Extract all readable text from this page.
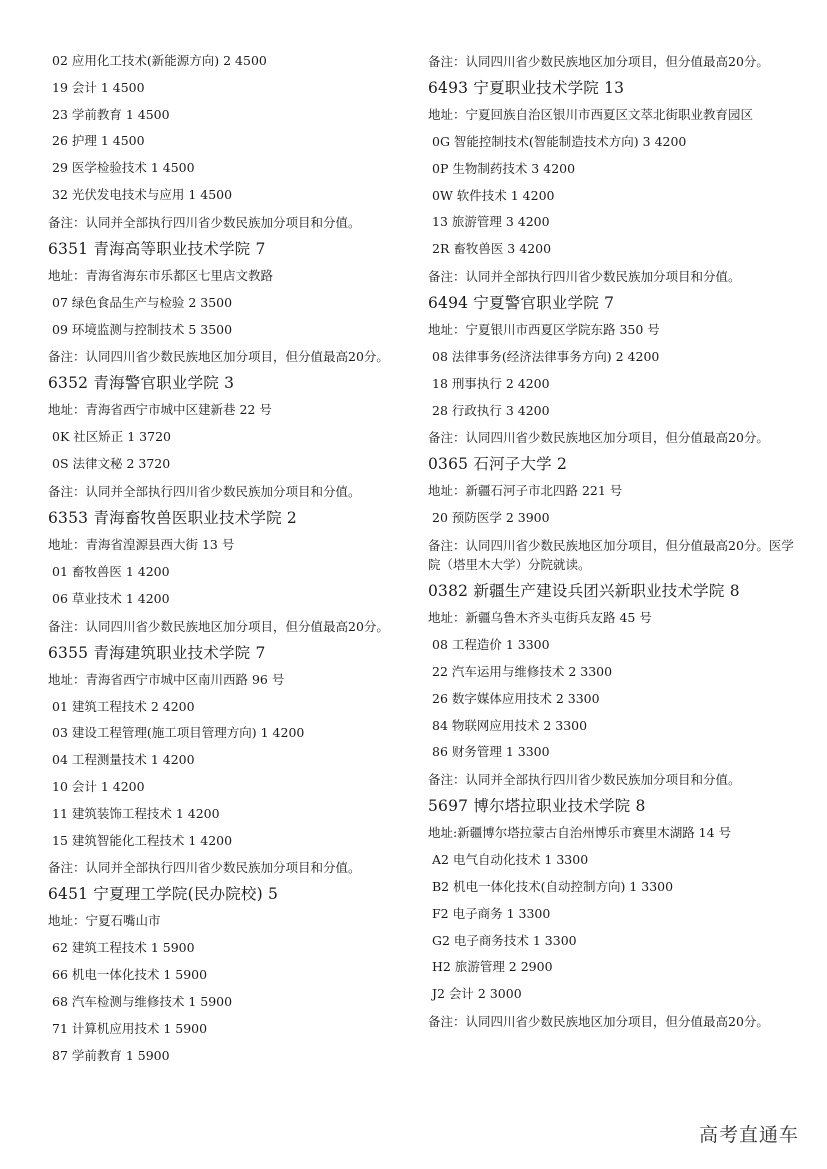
02 应用化工技术(新能源方向) 2 4500
19 会计 1 4500
23 学前教育 1 4500
26 护理 1 4500
29 医学检验技术 1 4500
32 光伏发电技术与应用 1 4500
备注：认同并全部执行四川省少数民族加分项目和分值。
6351 青海高等职业技术学院 7
地址：青海省海东市乐都区七里店文教路
07 绿色食品生产与检验 2 3500
09 环境监测与控制技术 5 3500
备注：认同四川省少数民族地区加分项目，但分值最高20分。
6352 青海警官职业学院 3
地址：青海省西宁市城中区建新巷 22 号
0K 社区矫正 1 3720
0S 法律文秘 2 3720
备注：认同并全部执行四川省少数民族加分项目和分值。
6353 青海畜牧兽医职业技术学院 2
地址：青海省湟源县西大街 13 号
01 畜牧兽医 1 4200
06 草业技术 1 4200
备注：认同四川省少数民族地区加分项目，但分值最高20分。
6355 青海建筑职业技术学院 7
地址：青海省西宁市城中区南川西路 96 号
01 建筑工程技术 2 4200
03 建设工程管理(施工项目管理方向) 1 4200
04 工程测量技术 1 4200
10 会计 1 4200
11 建筑装饰工程技术 1 4200
15 建筑智能化工程技术 1 4200
备注：认同并全部执行四川省少数民族加分项目和分值。
6451 宁夏理工学院(民办院校) 5
地址：宁夏石嘴山市
62 建筑工程技术 1 5900
66 机电一体化技术 1 5900
68 汽车检测与维修技术 1 5900
71 计算机应用技术 1 5900
87 学前教育 1 5900
备注：认同四川省少数民族地区加分项目，但分值最高20分。
6493 宁夏职业技术学院 13
地址：宁夏回族自治区银川市西夏区文萃北街职业教育园区
0G 智能控制技术(智能制造技术方向) 3 4200
0P 生物制药技术 3 4200
0W 软件技术 1 4200
13 旅游管理 3 4200
2R 畜牧兽医 3 4200
备注：认同并全部执行四川省少数民族加分项目和分值。
6494 宁夏警官职业学院 7
地址：宁夏银川市西夏区学院东路 350 号
08 法律事务(经济法律事务方向) 2 4200
18 刑事执行 2 4200
28 行政执行 3 4200
备注：认同四川省少数民族地区加分项目，但分值最高20分。
0365 石河子大学 2
地址：新疆石河子市北四路 221 号
20 预防医学 2 3900
备注：认同四川省少数民族地区加分项目，但分值最高20分。医学院（塔里木大学）分院就读。
0382 新疆生产建设兵团兴新职业技术学院 8
地址：新疆乌鲁木齐头屯街兵友路 45 号
08 工程造价 1 3300
22 汽车运用与维修技术 2 3300
26 数字媒体应用技术 2 3300
84 物联网应用技术 2 3300
86 财务管理 1 3300
备注：认同并全部执行四川省少数民族加分项目和分值。
5697 博尔塔拉职业技术学院 8
地址:新疆博尔塔拉蒙古自治州博乐市赛里木湖路 14 号
A2 电气自动化技术 1 3300
B2 机电一体化技术(自动控制方向) 1 3300
F2 电子商务 1 3300
G2 电子商务技术 1 3300
H2 旅游管理 2 2900
J2 会计 2 3000
备注：认同四川省少数民族地区加分项目，但分值最高20分。
高考直通车
